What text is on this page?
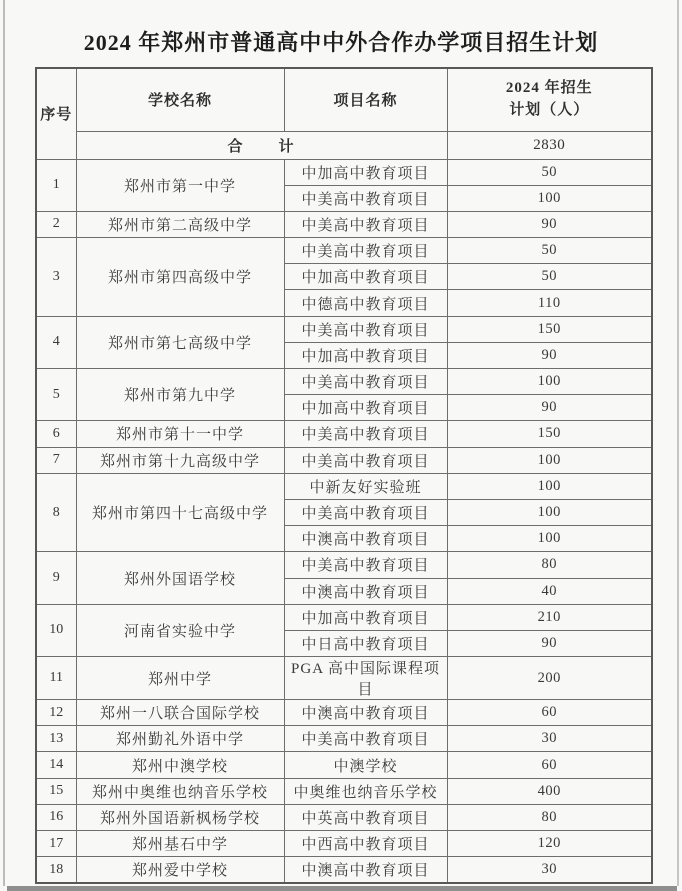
2024 年郑州市普通高中中外合作办学项目招生计划
序号	学校名称	项目名称	2024 年招生
计划（人）

	合　　计		2830
1	郑州市第一中学	中加高中教育项目	50
		中美高中教育项目	100
2	郑州市第二高级中学	中美高中教育项目	90
3	郑州市第四高级中学	中美高中教育项目	50
		中加高中教育项目	50
		中德高中教育项目	110
4	郑州市第七高级中学	中美高中教育项目	150
		中加高中教育项目	90
5	郑州市第九中学	中美高中教育项目	100
		中加高中教育项目	90
6	郑州市第十一中学	中美高中教育项目	150
7	郑州市第十九高级中学	中美高中教育项目	100
8	郑州市第四十七高级中学	中新友好实验班	100
		中美高中教育项目	100
		中澳高中教育项目	100
9	郑州外国语学校	中美高中教育项目	80
		中澳高中教育项目	40
10	河南省实验中学	中加高中教育项目	210
		中日高中教育项目	90
11	郑州中学	PGA 高中国际课程项目	200
12	郑州一八联合国际学校	中澳高中教育项目	60
13	郑州勤礼外语中学	中美高中教育项目	30
14	郑州中澳学校	中澳学校	60
15	郑州中奥维也纳音乐学校	中奥维也纳音乐学校	400
16	郑州外国语新枫杨学校	中英高中教育项目	80
17	郑州基石中学	中西高中教育项目	120
18	郑州爱中学校	中澳高中教育项目	30
